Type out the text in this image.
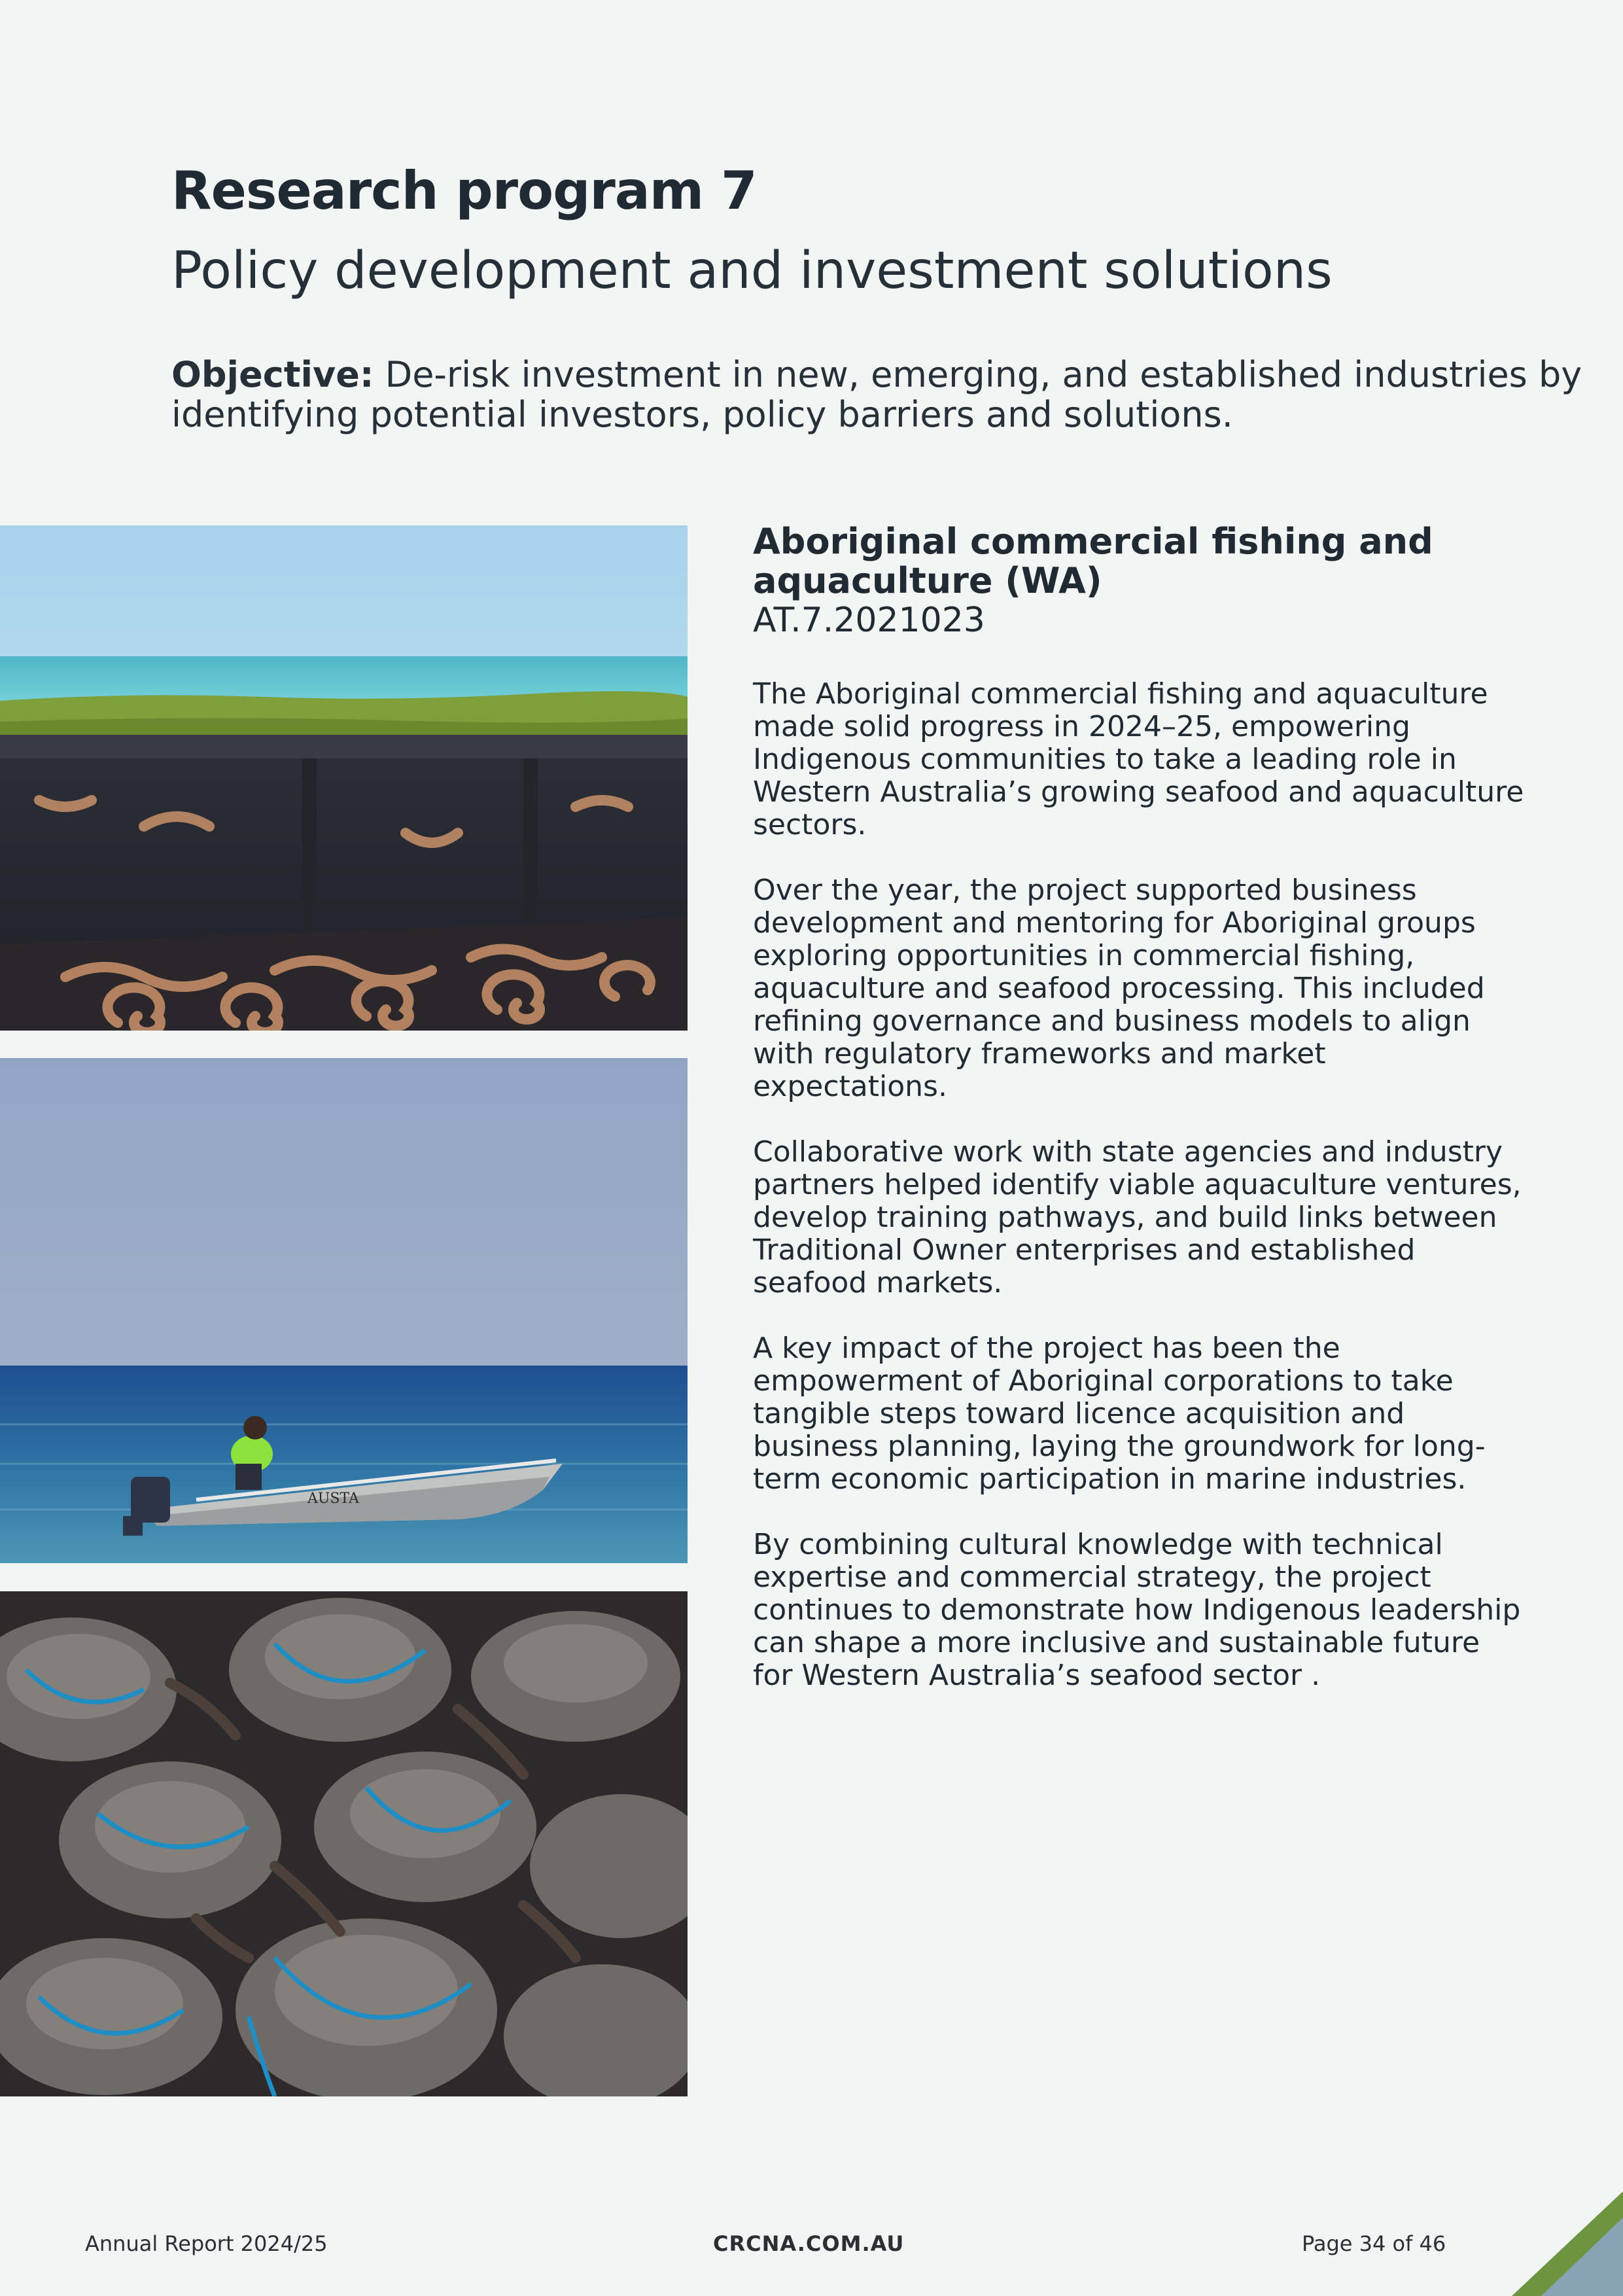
Research program 7
Policy development and investment solutions

Objective: De-risk investment in new, emerging, and established industries by identifying potential investors, policy barriers and solutions.

AUSTA
Aboriginal commercial fishing and aquaculture (WA)
AT.7.2021023

The Aboriginal commercial fishing and aquaculture made solid progress in 2024–25, empowering Indigenous communities to take a leading role in Western Australia’s growing seafood and aquaculture sectors.

Over the year, the project supported business development and mentoring for Aboriginal groups exploring opportunities in commercial fishing, aquaculture and seafood processing. This included refining governance and business models to align with regulatory frameworks and market expectations.

Collaborative work with state agencies and industry partners helped identify viable aquaculture ventures, develop training pathways, and build links between Traditional Owner enterprises and established seafood markets.

A key impact of the project has been the empowerment of Aboriginal corporations to take tangible steps toward licence acquisition and business planning, laying the groundwork for long-term economic participation in marine industries.

By combining cultural knowledge with technical expertise and commercial strategy, the project continues to demonstrate how Indigenous leadership can shape a more inclusive and sustainable future for Western Australia’s seafood sector .

Annual Report 2024/25	CRCNA.COM.AU	Page 34 of 46
